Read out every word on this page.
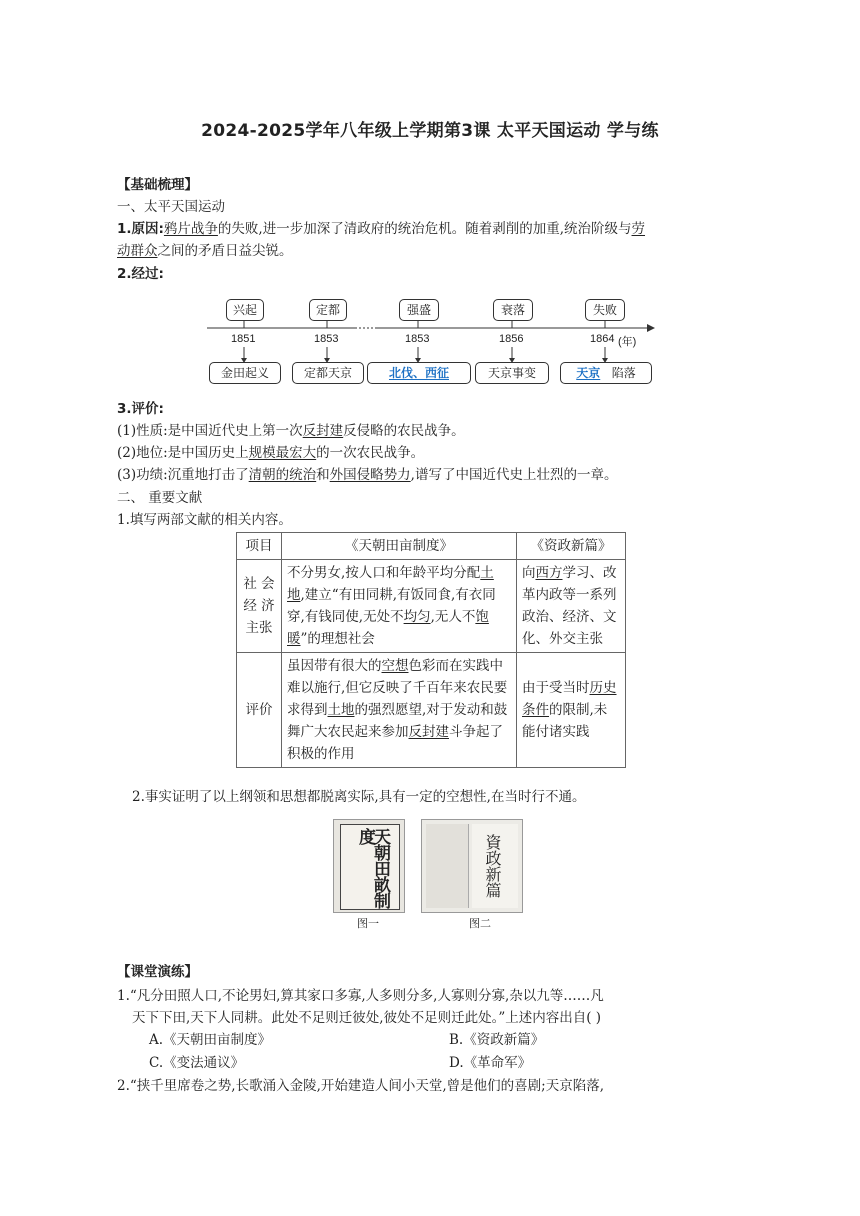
2024-2025学年八年级上学期第3课 太平天国运动 学与练
【基础梳理】
一、太平天国运动
1.原因:鸦片战争的失败,进一步加深了清政府的统治危机。随着剥削的加重,统治阶级与劳
动群众之间的矛盾日益尖锐。
2.经过:
兴起	定都	强盛	衰落	失败
1851	1853	1853	1856	1864 (年)
金田起义	定都天京	北伐、西征	天京事变	天京 陷落
3.评价:
(1)性质:是中国近代史上第一次反封建反侵略的农民战争。
(2)地位:是中国历史上规模最宏大的一次农民战争。
(3)功绩:沉重地打击了清朝的统治和外国侵略势力,谱写了中国近代史上壮烈的一章。
二、 重要文献
1.填写两部文献的相关内容。
项目	《天朝田亩制度》	《资政新篇》
社 会经 济主张	不分男女,按人口和年龄平均分配土地,建立“有田同耕,有饭同食,有衣同穿,有钱同使,无处不均匀,无人不饱暖”的理想社会	向西方学习、改革内政等一系列政治、经济、文化、外交主张
评价	虽因带有很大的空想色彩而在实践中难以施行,但它反映了千百年来农民要求得到土地的强烈愿望,对于发动和鼓舞广大农民起来参加反封建斗争起了积极的作用	由于受当时历史条件的限制,未能付诸实践
2.事实证明了以上纲领和思想都脱离实际,具有一定的空想性,在当时行不通。
天朝田畝制度	資政新篇
图一	图二
【课堂演练】
1.“凡分田照人口,不论男妇,算其家口多寡,人多则分多,人寡则分寡,杂以九等……凡
天下下田,天下人同耕。此处不足则迁彼处,彼处不足则迁此处。”上述内容出自( )
A.《天朝田亩制度》	B.《资政新篇》
C.《变法通议》	D.《革命军》
2.“挟千里席卷之势,长歌涌入金陵,开始建造人间小天堂,曾是他们的喜剧;天京陷落,
